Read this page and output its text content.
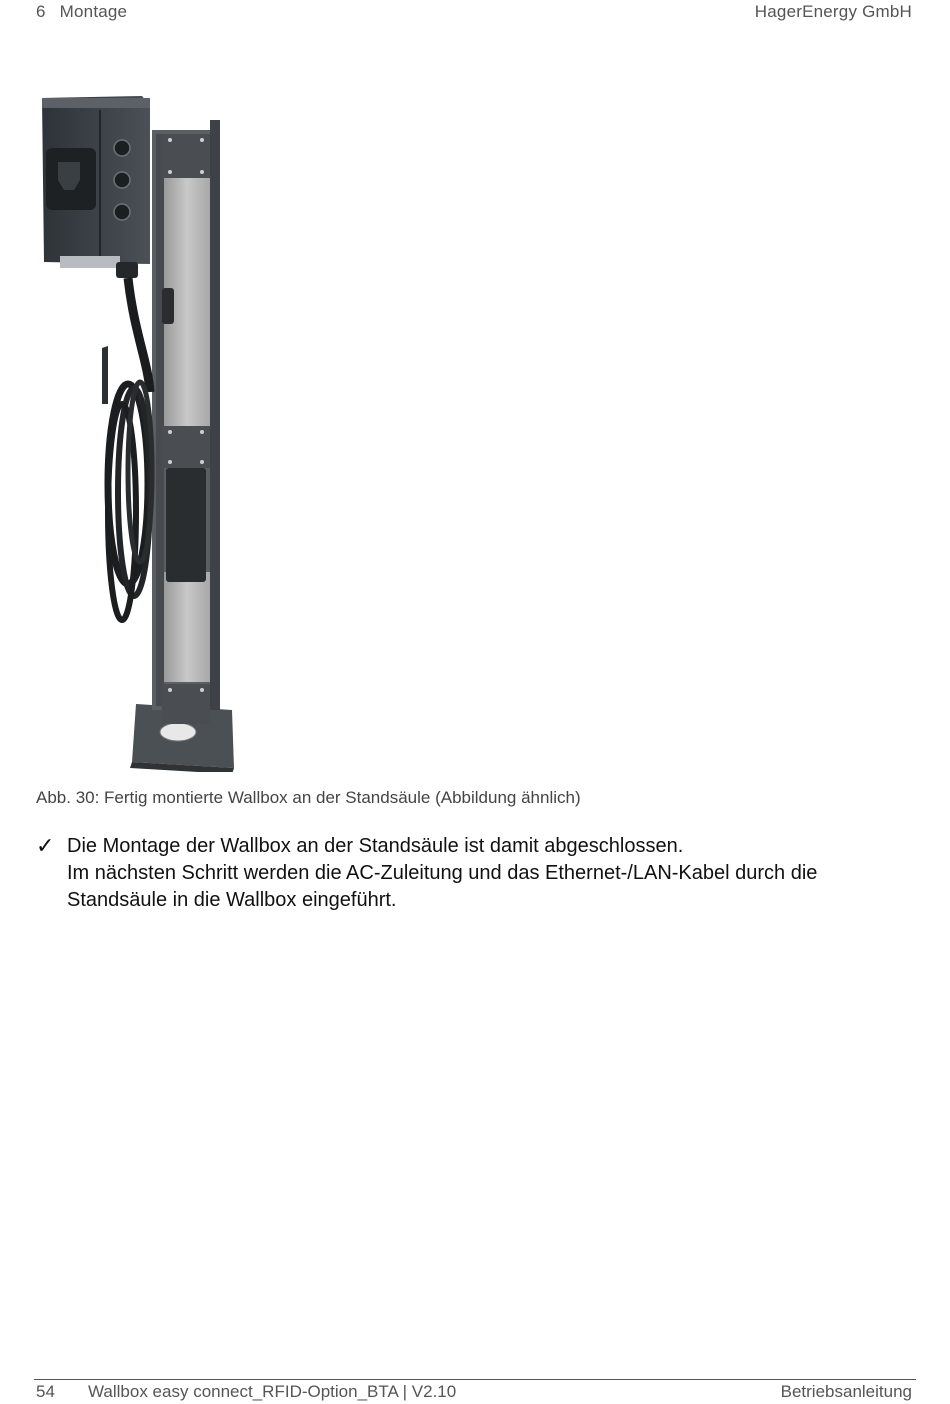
6 Montage	HagerEnergy GmbH
Abb. 30: Fertig montierte Wallbox an der Standsäule (Abbildung ähnlich)
✓ Die Montage der Wallbox an der Standsäule ist damit abgeschlossen.
Im nächsten Schritt werden die AC-Zuleitung und das Ethernet-/LAN-Kabel durch die
Standsäule in die Wallbox eingeführt.
54 Wallbox easy connect_RFID-Option_BTA | V2.10	Betriebsanleitung
